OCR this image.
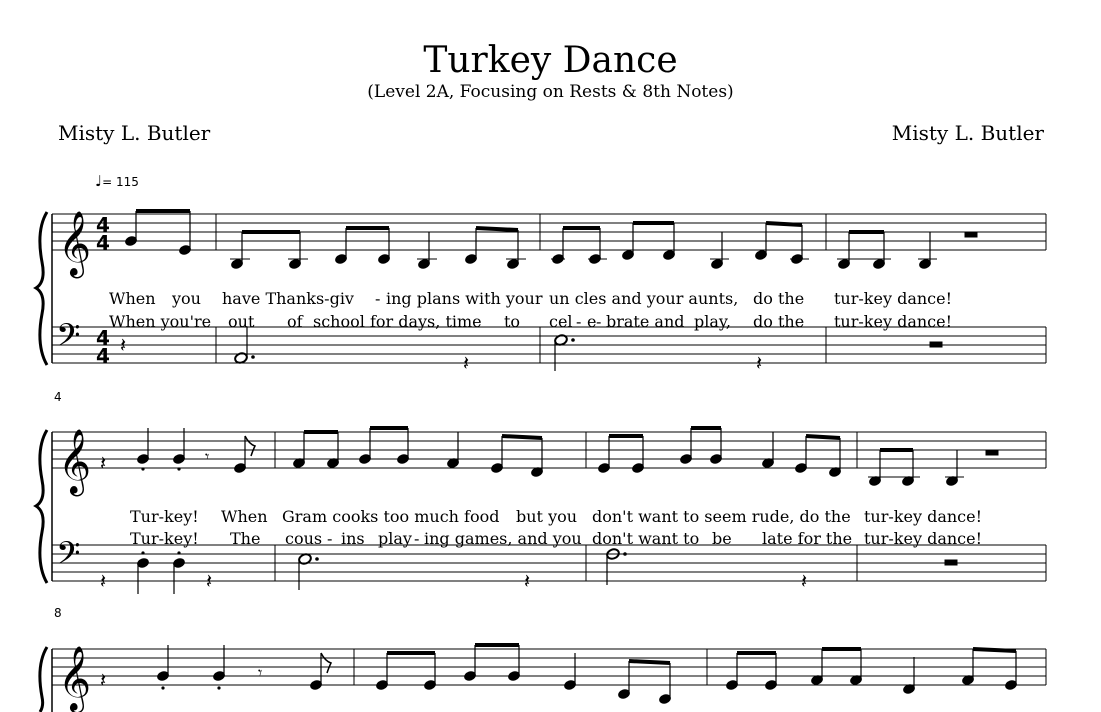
Turkey Dance
(Level 2A, Focusing on Rests & 8th Notes)
Misty L. Butler	Misty L. Butler
♩= 115
4
8
When you have Thanks-giv - ing plans with your un cles and your aunts, do the tur-key dance!
When you're out of school for days, time to cel - e - brate and play, do the tur-key dance!
Tur-key! When Gram cooks too much food but you don't want to seem rude, do the tur-key dance!
Tur-key! The cous - ins play - ing games, and you don't want to be late for the tur-key dance!
𝄞 4
4
𝄢 4
4
𝄞
𝄢
𝄞
𝄽
𝄽	𝄽
𝄽	𝄾
𝄽	𝄽	𝄽	𝄽
𝄽	𝄾
